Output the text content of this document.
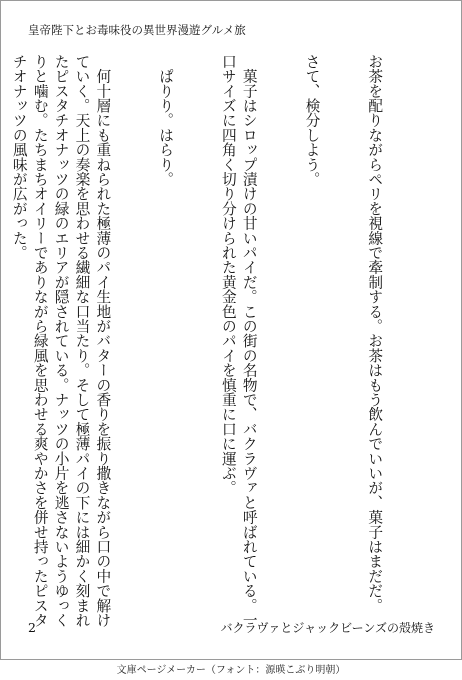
皇帝陛下とお毒味役の異世界漫遊グルメ旅

お茶を配りながらペリを視線で牽制する。お茶はもう飲んでいいが、菓子はまだだ。

さて、検分しよう。

　菓子はシロップ漬けの甘いパイだ。この街の名物で、バクラヴァと呼ばれている。一
口サイズに四角く切り分けられた黄金色のパイを慎重に口に運ぶ。

　ぱりり。はらり。

　何十層にも重ねられた極薄のパイ生地がバターの香りを振り撒きながら口の中で解け
ていく。天上の奏楽を思わせる繊細な口当たり。そして極薄パイの下には細かく刻まれ
たピスタチオナッツの緑のエリアが隠されている。ナッツの小片を逃さないようゆっく
りと噛む。たちまちオイリーでありながら緑風を思わせる爽やかさを併せ持ったピスタ
チオナッツの風味が広がった。

2	バクラヴァとジャックビーンズの殻焼き
文庫ページメーカー（フォント：源暎こぶり明朝）
